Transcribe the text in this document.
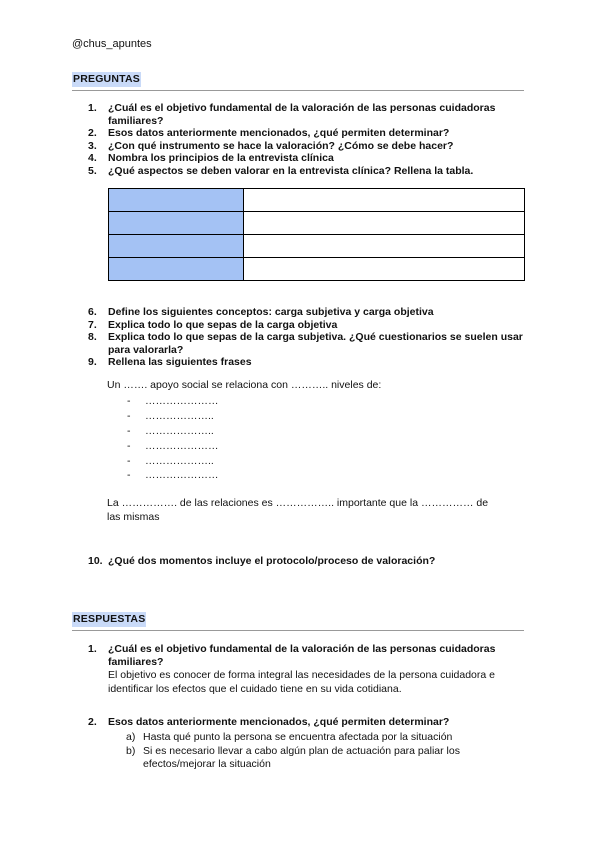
@chus_apuntes
PREGUNTAS
1. ¿Cuál es el objetivo fundamental de la valoración de las personas cuidadoras familiares?
2. Esos datos anteriormente mencionados, ¿qué permiten determinar?
3. ¿Con qué instrumento se hace la valoración? ¿Cómo se debe hacer?
4. Nombra los principios de la entrevista clínica
5. ¿Qué aspectos se deben valorar en la entrevista clínica? Rellena la tabla.

6. Define los siguientes conceptos: carga subjetiva y carga objetiva
7. Explica todo lo que sepas de la carga objetiva
8. Explica todo lo que sepas de la carga subjetiva. ¿Qué cuestionarios se suelen usar para valorarla?
9. Rellena las siguientes frases
Un ……. apoyo social se relaciona con ……….. niveles de:
- …………………
- ………………..
- ………………..
- …………………
- ………………..
- …………………
La ……………. de las relaciones es …………….. importante que la …………… de
las mismas
10. ¿Qué dos momentos incluye el protocolo/proceso de valoración?
RESPUESTAS
1. ¿Cuál es el objetivo fundamental de la valoración de las personas cuidadoras familiares?
El objetivo es conocer de forma integral las necesidades de la persona cuidadora e identificar los efectos que el cuidado tiene en su vida cotidiana.
2. Esos datos anteriormente mencionados, ¿qué permiten determinar?
a) Hasta qué punto la persona se encuentra afectada por la situación
b) Si es necesario llevar a cabo algún plan de actuación para paliar los
efectos/mejorar la situación
